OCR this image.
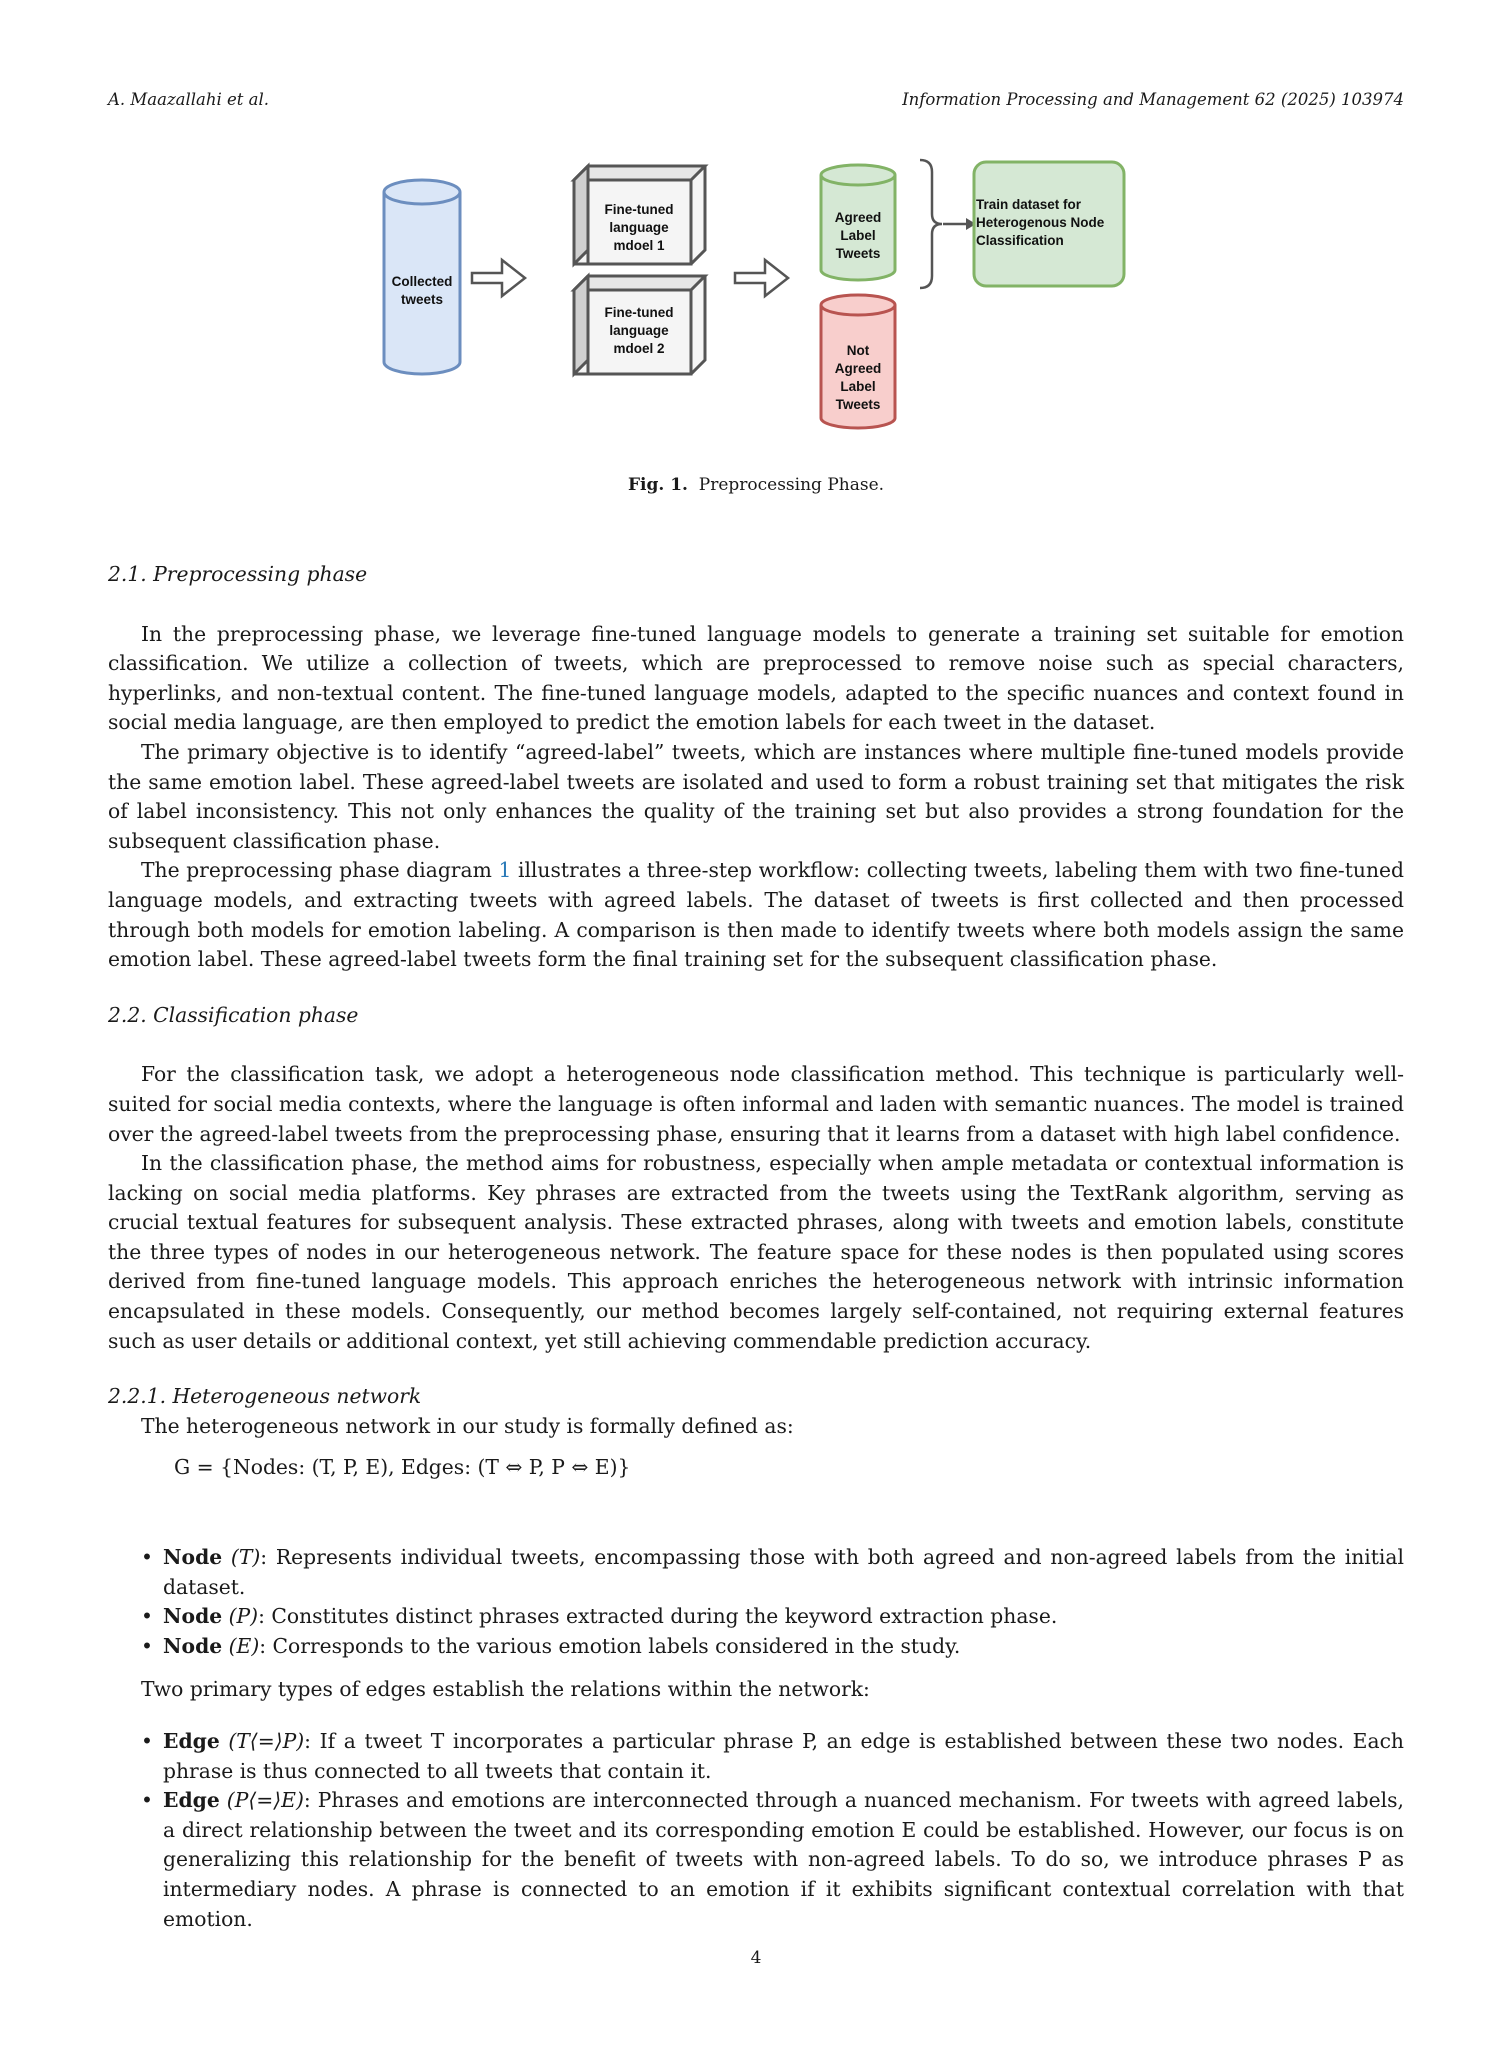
A. Maazallahi et al.	Information Processing and Management 62 (2025) 103974
Collected
tweets
Fine-tuned
language
mdoel 1
Fine-tuned
language
mdoel 2
Agreed
Label
Tweets
Not
Agreed
Label
Tweets
Train dataset for
Heterogenous Node
Classification
Fig. 1. Preprocessing Phase.

2.1. Preprocessing phase

In the preprocessing phase, we leverage fine-tuned language models to generate a training set suitable for emotion classification. We utilize a collection of tweets, which are preprocessed to remove noise such as special characters, hyperlinks, and non-textual content. The fine-tuned language models, adapted to the specific nuances and context found in social media language, are then employed to predict the emotion labels for each tweet in the dataset.

The primary objective is to identify “agreed-label” tweets, which are instances where multiple fine-tuned models provide the same emotion label. These agreed-label tweets are isolated and used to form a robust training set that mitigates the risk of label inconsistency. This not only enhances the quality of the training set but also provides a strong foundation for the subsequent classification phase.

The preprocessing phase diagram 1 illustrates a three-step workflow: collecting tweets, labeling them with two fine-tuned language models, and extracting tweets with agreed labels. The dataset of tweets is first collected and then processed through both models for emotion labeling. A comparison is then made to identify tweets where both models assign the same emotion label. These agreed-label tweets form the final training set for the subsequent classification phase.

2.2. Classification phase

For the classification task, we adopt a heterogeneous node classification method. This technique is particularly well-suited for social media contexts, where the language is often informal and laden with semantic nuances. The model is trained over the agreed-label tweets from the preprocessing phase, ensuring that it learns from a dataset with high label confidence.

In the classification phase, the method aims for robustness, especially when ample metadata or contextual information is lacking on social media platforms. Key phrases are extracted from the tweets using the TextRank algorithm, serving as crucial textual features for subsequent analysis. These extracted phrases, along with tweets and emotion labels, constitute the three types of nodes in our heterogeneous network. The feature space for these nodes is then populated using scores derived from fine-tuned language models. This approach enriches the heterogeneous network with intrinsic information encapsulated in these models. Consequently, our method becomes largely self-contained, not requiring external features such as user details or additional context, yet still achieving commendable prediction accuracy.

2.2.1. Heterogeneous network

The heterogeneous network in our study is formally defined as:

G = {Nodes: (T, P, E), Edges: (T ⇔ P, P ⇔ E)}

• Node (T): Represents individual tweets, encompassing those with both agreed and non-agreed labels from the initial dataset.
• Node (P): Constitutes distinct phrases extracted during the keyword extraction phase.
• Node (E): Corresponds to the various emotion labels considered in the study.

Two primary types of edges establish the relations within the network:

• Edge (T⟨=⟩P): If a tweet T incorporates a particular phrase P, an edge is established between these two nodes. Each phrase is thus connected to all tweets that contain it.
• Edge (P⟨=⟩E): Phrases and emotions are interconnected through a nuanced mechanism. For tweets with agreed labels, a direct relationship between the tweet and its corresponding emotion E could be established. However, our focus is on generalizing this relationship for the benefit of tweets with non-agreed labels. To do so, we introduce phrases P as intermediary nodes. A phrase is connected to an emotion if it exhibits significant contextual correlation with that emotion.
4
